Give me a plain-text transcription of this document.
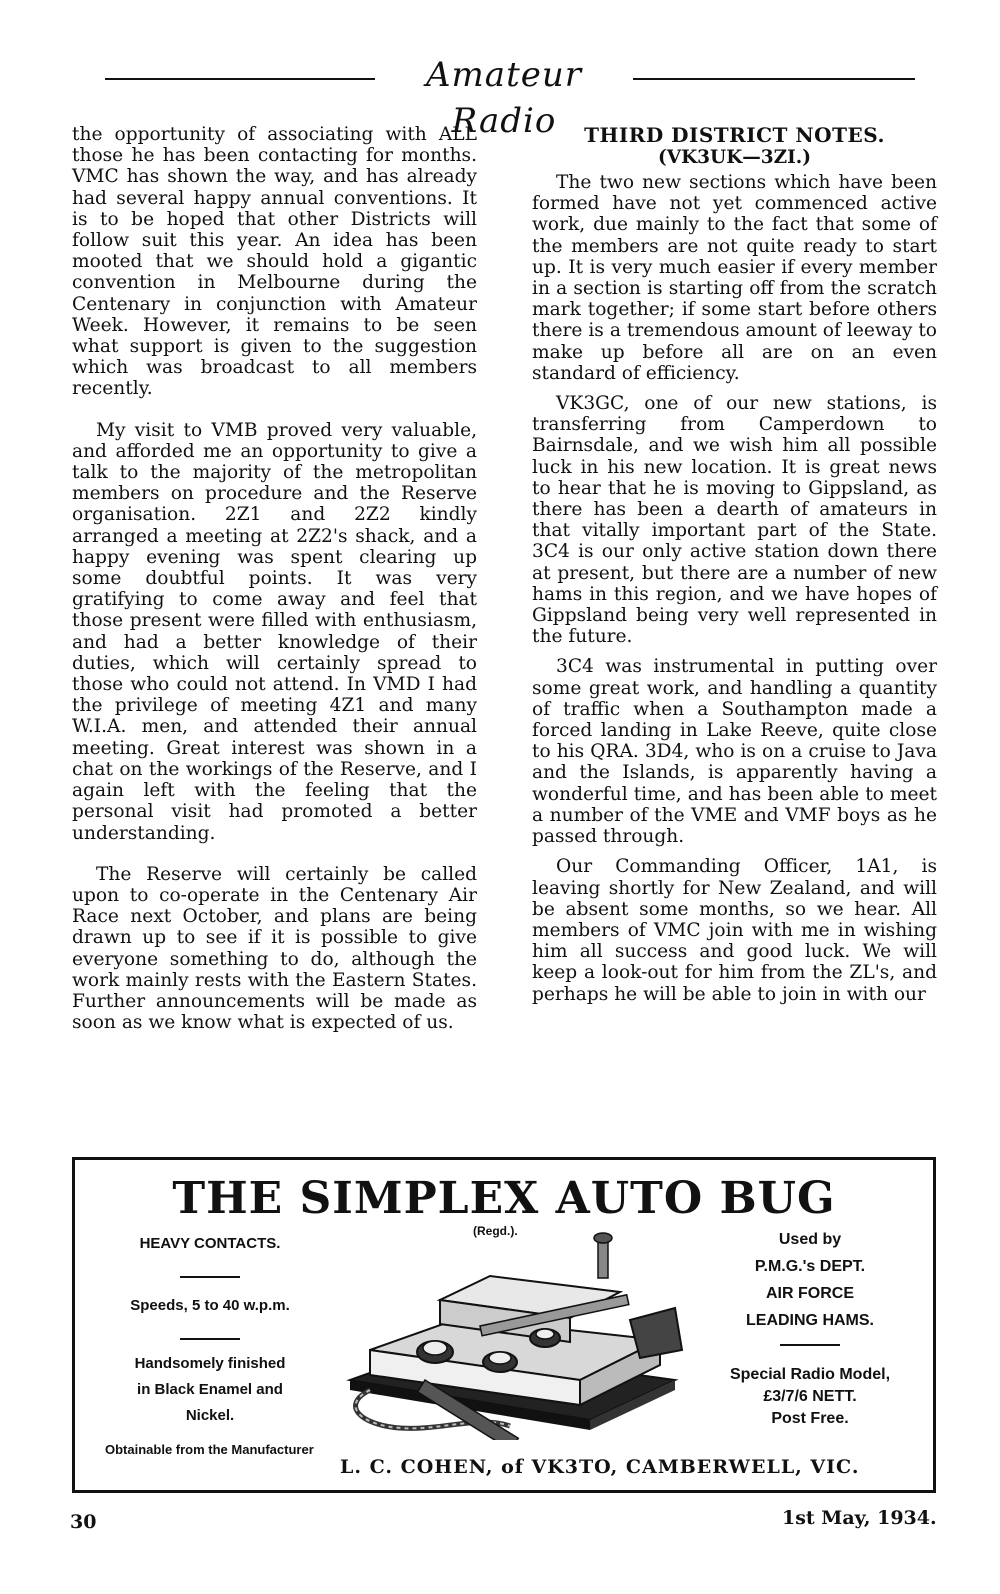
Amateur Radio

the opportunity of associating with ALL those he has been contacting for months. VMC has shown the way, and has already had several happy annual conventions. It is to be hoped that other Districts will follow suit this year. An idea has been mooted that we should hold a gigantic convention in Melbourne during the Centenary in conjunction with Amateur Week. However, it remains to be seen what support is given to the suggestion which was broadcast to all members recently.

My visit to VMB proved very valuable, and afforded me an opportunity to give a talk to the majority of the metropolitan members on procedure and the Reserve organisation. 2Z1 and 2Z2 kindly arranged a meeting at 2Z2's shack, and a happy evening was spent clearing up some doubtful points. It was very gratifying to come away and feel that those present were filled with enthusiasm, and had a better knowledge of their duties, which will certainly spread to those who could not attend. In VMD I had the privilege of meeting 4Z1 and many W.I.A. men, and attended their annual meeting. Great interest was shown in a chat on the workings of the Reserve, and I again left with the feeling that the personal visit had promoted a better understanding.

The Reserve will certainly be called upon to co-operate in the Centenary Air Race next October, and plans are being drawn up to see if it is possible to give everyone something to do, although the work mainly rests with the Eastern States. Further announcements will be made as soon as we know what is expected of us.

THIRD DISTRICT NOTES.
(VK3UK—3ZI.)

The two new sections which have been formed have not yet commenced active work, due mainly to the fact that some of the members are not quite ready to start up. It is very much easier if every member in a section is starting off from the scratch mark together; if some start before others there is a tremendous amount of leeway to make up before all are on an even standard of efficiency.

VK3GC, one of our new stations, is transferring from Camperdown to Bairnsdale, and we wish him all possible luck in his new location. It is great news to hear that he is moving to Gippsland, as there has been a dearth of amateurs in that vitally important part of the State. 3C4 is our only active station down there at present, but there are a number of new hams in this region, and we have hopes of Gippsland being very well represented in the future.

3C4 was instrumental in putting over some great work, and handling a quantity of traffic when a Southampton made a forced landing in Lake Reeve, quite close to his QRA. 3D4, who is on a cruise to Java and the Islands, is apparently having a wonderful time, and has been able to meet a number of the VME and VMF boys as he passed through.

Our Commanding Officer, 1A1, is leaving shortly for New Zealand, and will be absent some months, so we hear. All members of VMC join with me in wishing him all success and good luck. We will keep a look-out for him from the ZL's, and perhaps he will be able to join in with our

THE SIMPLEX AUTO BUG
(Regd.).
HEAVY CONTACTS.
Speeds, 5 to 40 w.p.m.
Handsomely finished
in Black Enamel and
Nickel.
Used by
P.M.G.'s DEPT.
AIR FORCE
LEADING HAMS.
Special Radio Model,
£3/7/6 NETT.
Post Free.
Obtainable from the Manufacturer
L. C. COHEN, of VK3TO, CAMBERWELL, VIC.
30	1st May, 1934.
